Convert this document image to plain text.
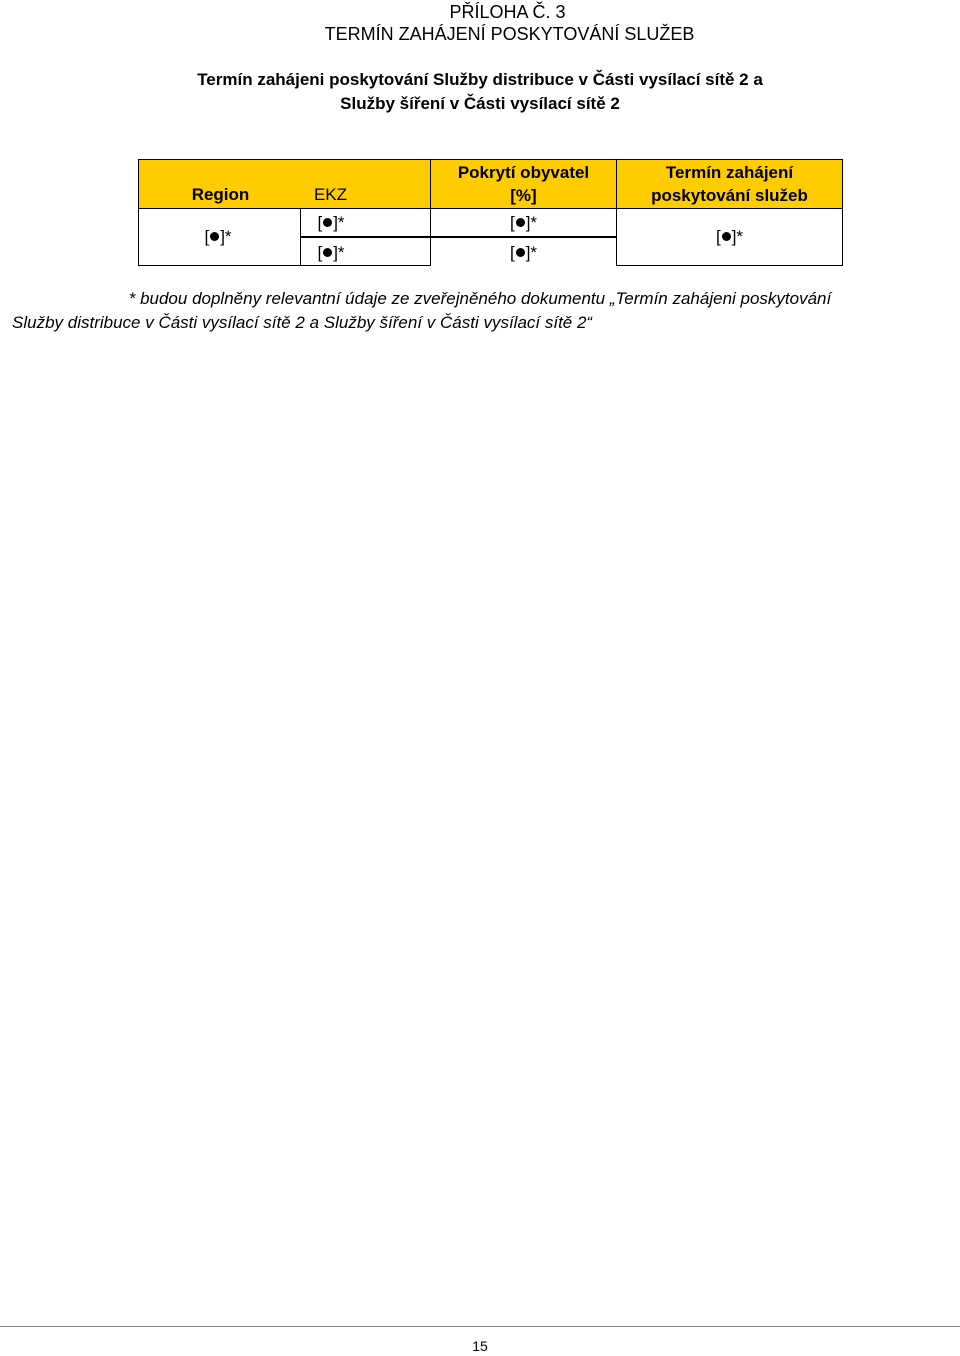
PŘÍLOHA Č. 3
TERMÍN ZAHÁJENÍ POSKYTOVÁNÍ SLUŽEB
Termín zahájeni poskytování Služby distribuce v Části vysílací sítě 2 a
Služby šíření v Části vysílací sítě 2
Region	EKZ
Pokrytí obyvatel
[%]
Termín zahájení
poskytování služeb
[ ]*
[ ]*
[ ]*
[ ]*
[ ]*
[ ]*
* budou doplněny relevantní údaje ze zveřejněného dokumentu „Termín zahájeni poskytování
Služby distribuce v Části vysílací sítě 2 a Služby šíření v Části vysílací sítě 2“
15
